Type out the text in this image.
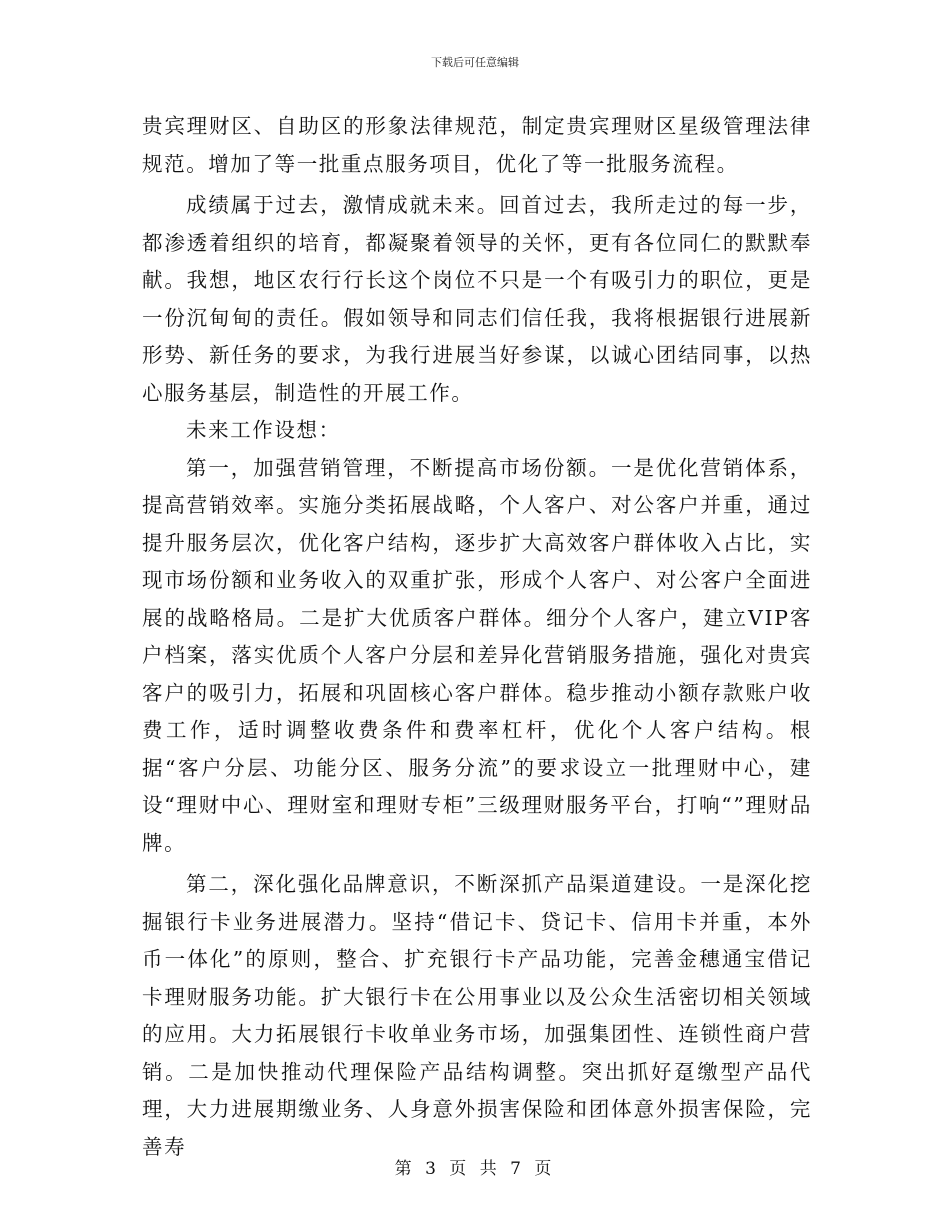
下载后可任意编辑

贵宾理财区、自助区的形象法律规范，制定贵宾理财区星级管理法律规范。增加了等一批重点服务项目，优化了等一批服务流程。

成绩属于过去，激情成就未来。回首过去，我所走过的每一步，都渗透着组织的培育，都凝聚着领导的关怀，更有各位同仁的默默奉献。我想，地区农行行长这个岗位不只是一个有吸引力的职位，更是一份沉甸甸的责任。假如领导和同志们信任我，我将根据银行进展新形势、新任务的要求，为我行进展当好参谋，以诚心团结同事，以热心服务基层，制造性的开展工作。

未来工作设想：

第一，加强营销管理，不断提高市场份额。一是优化营销体系，提高营销效率。实施分类拓展战略，个人客户、对公客户并重，通过提升服务层次，优化客户结构，逐步扩大高效客户群体收入占比，实现市场份额和业务收入的双重扩张，形成个人客户、对公客户全面进展的战略格局。二是扩大优质客户群体。细分个人客户，建立VIP客户档案，落实优质个人客户分层和差异化营销服务措施，强化对贵宾客户的吸引力，拓展和巩固核心客户群体。稳步推动小额存款账户收费工作，适时调整收费条件和费率杠杆，优化个人客户结构。根据“客户分层、功能分区、服务分流”的要求设立一批理财中心，建设“理财中心、理财室和理财专柜”三级理财服务平台，打响“”理财品牌。

第二，深化强化品牌意识，不断深抓产品渠道建设。一是深化挖掘银行卡业务进展潜力。坚持“借记卡、贷记卡、信用卡并重，本外币一体化”的原则，整合、扩充银行卡产品功能，完善金穗通宝借记卡理财服务功能。扩大银行卡在公用事业以及公众生活密切相关领域的应用。大力拓展银行卡收单业务市场，加强集团性、连锁性商户营销。二是加快推动代理保险产品结构调整。突出抓好趸缴型产品代理，大力进展期缴业务、人身意外损害保险和团体意外损害保险，完善寿

第 3 页 共 7 页
